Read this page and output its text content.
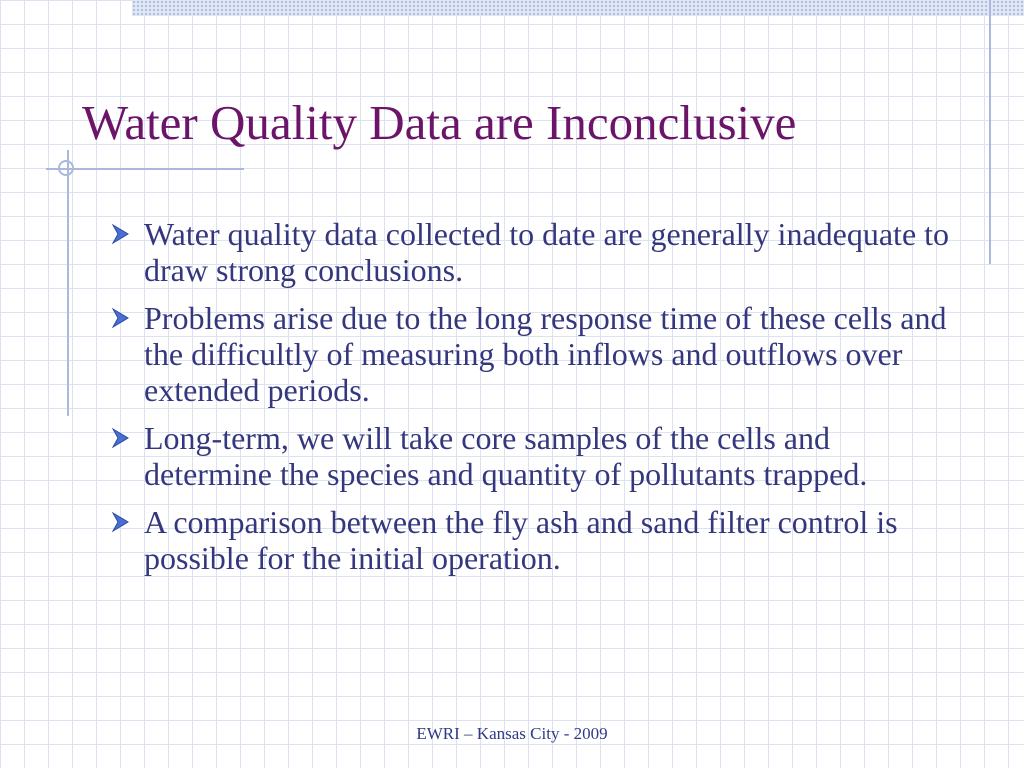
Water Quality Data are Inconclusive
Water quality data collected to date are generally inadequate to draw strong conclusions.
Problems arise due to the long response time of these cells and the difficultly of measuring both inflows and outflows over extended periods.
Long-term, we will take core samples of the cells and determine the species and quantity of pollutants trapped.
A comparison between the fly ash and sand filter control is possible for the initial operation.
EWRI – Kansas City - 2009
